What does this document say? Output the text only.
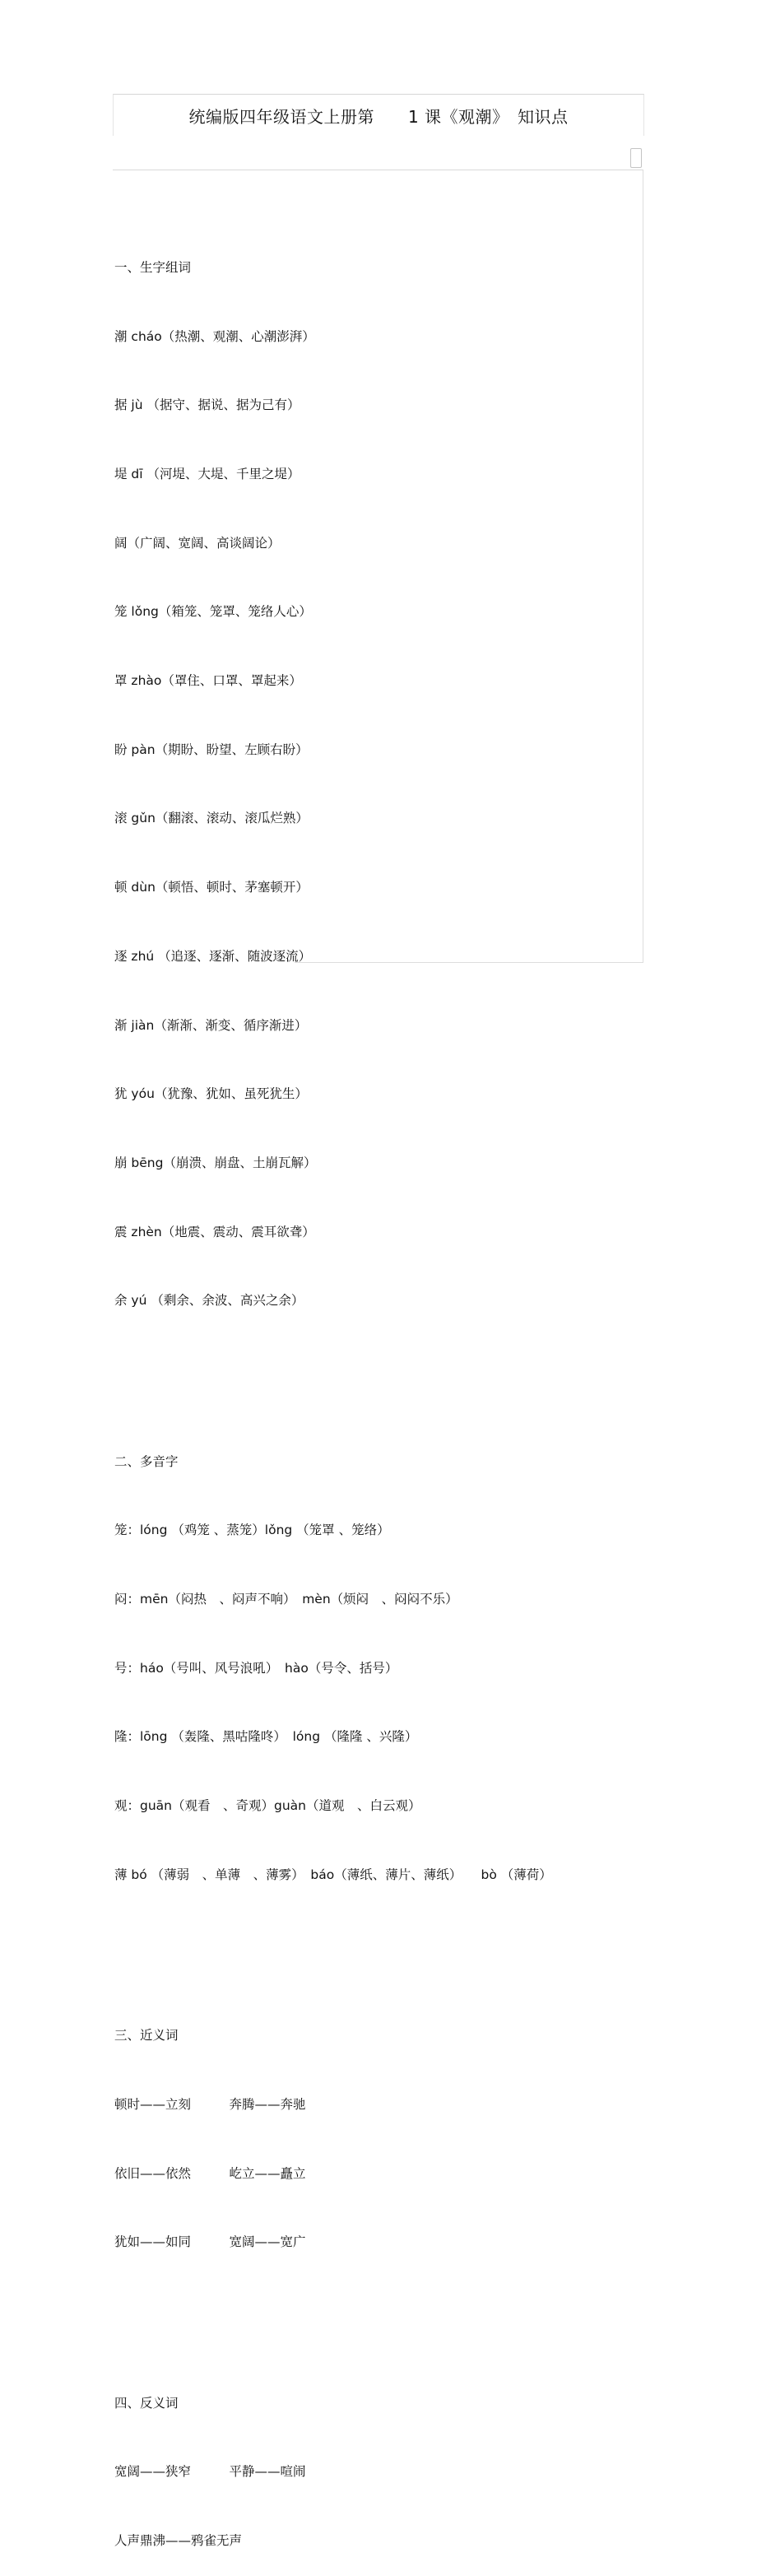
统编版四年级语文上册第　　1 课《观潮》　知识点

一、生字组词

潮 cháo（热潮、观潮、心潮澎湃）

据 jù （据守、据说、据为己有）

堤 dī （河堤、大堤、千里之堤）

阔（广阔、宽阔、高谈阔论）

笼 lǒng（箱笼、笼罩、笼络人心）

罩 zhào（罩住、口罩、罩起来）

盼 pàn（期盼、盼望、左顾右盼）

滚 gǔn（翻滚、滚动、滚瓜烂熟）

顿 dùn（顿悟、顿时、茅塞顿开）

逐 zhú （追逐、逐渐、随波逐流）

渐 jiàn（渐渐、渐变、循序渐进）

犹 yóu（犹豫、犹如、虽死犹生）

崩 bēng（崩溃、崩盘、土崩瓦解）

震 zhèn（地震、震动、震耳欲聋）

余 yú （剩余、余波、高兴之余）

二、多音字

笼：lóng （鸡笼 、蒸笼）lǒng （笼罩 、笼络）

闷：mēn（闷热　、闷声不响）　mèn（烦闷　、闷闷不乐）

号：háo（号叫、风号浪吼）　hào（号令、括号）

隆：lōng （轰隆、黑咕隆咚）　lóng （隆隆 、兴隆）

观：guān（观看　、奇观）guàn（道观　、白云观）

薄 bó （薄弱　、单薄　、薄雾）　báo（薄纸、薄片、薄纸）　　bò （薄荷）

三、近义词

顿时——立刻　　　奔腾——奔驰

依旧——依然　　　屹立——矗立

犹如——如同　　　宽阔——宽广

四、反义词

宽阔——狭窄　　　平静——喧闹

人声鼎沸——鸦雀无声
